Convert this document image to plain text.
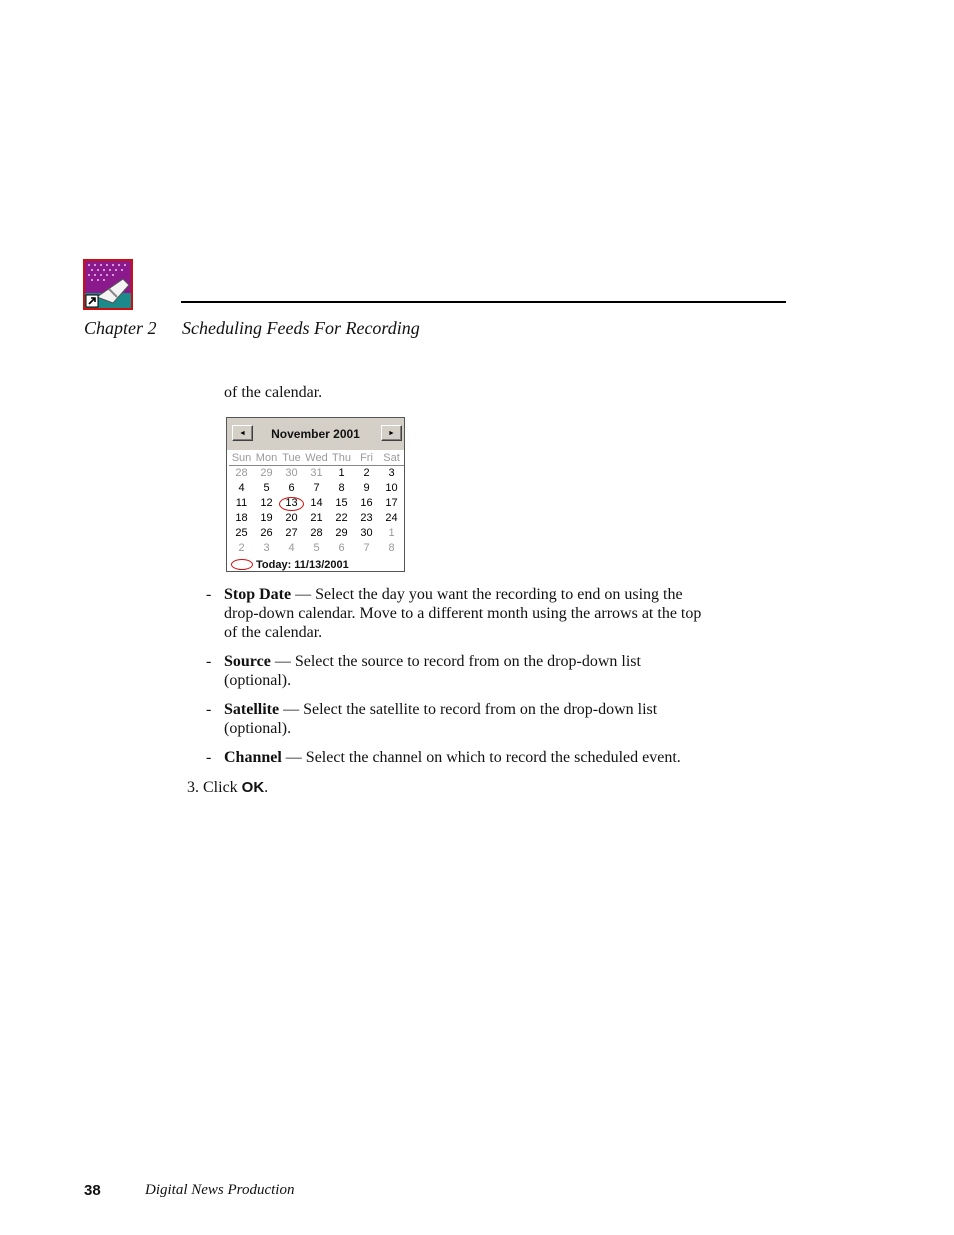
Chapter 2 Scheduling Feeds For Recording
of the calendar.
◄	November 2001	►
Sun Mon Tue Wed Thu Fri Sat
28	29	30	31	1	2	3
4	5	6	7	8	9	10
11	12	13	14	15	16	17
18	19	20	21	22	23	24
25	26	27	28	29	30	1
2	3	4	5	6	7	8
Today: 11/13/2001
- Stop Date — Select the day you want the recording to end on using the
drop-down calendar. Move to a different month using the arrows at the top
of the calendar.
- Source — Select the source to record from on the drop-down list
(optional).
- Satellite — Select the satellite to record from on the drop-down list
(optional).
- Channel — Select the channel on which to record the scheduled event.
3. Click OK.
38	Digital News Production
